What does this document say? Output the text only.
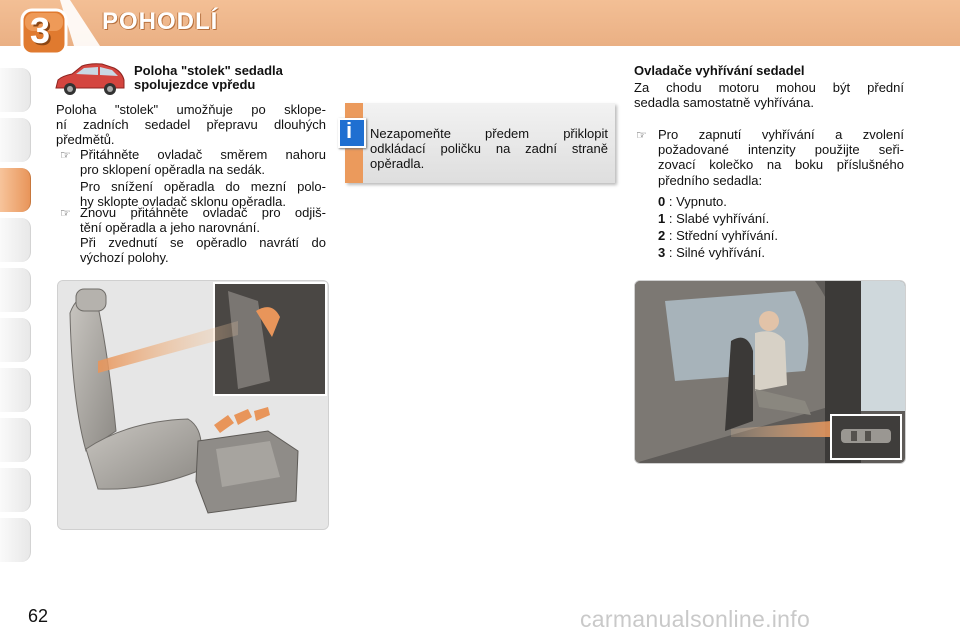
3 POHODLÍ
Poloha "stolek" sedadla
spolujezdce vpředu
Poloha "stolek" umožňuje po sklope-
ní zadních sedadel přepravu dlouhých
předmětů.
☞ Přitáhněte ovladač směrem nahoru
pro sklopení opěradla na sedák.
Pro snížení opěradla do mezní polo-
hy sklopte ovladač sklonu opěradla.
☞ Znovu přitáhněte ovladač pro odjiš-
tění opěradla a jeho narovnání.
Při zvednutí se opěradlo navrátí do
výchozí polohy.
i Nezapomeňte předem přiklopit
odkládací poličku na zadní straně
opěradla.
Ovladače vyhřívání sedadel
Za chodu motoru mohou být přední
sedadla samostatně vyhřívána.
☞ Pro zapnutí vyhřívání a zvolení
požadované intenzity použijte seři-
zovací kolečko na boku příslušného
předního sedadla:
0 : Vypnuto.
1 : Slabé vyhřívání.
2 : Střední vyhřívání.
3 : Silné vyhřívání.
62	carmanualsonline.info
